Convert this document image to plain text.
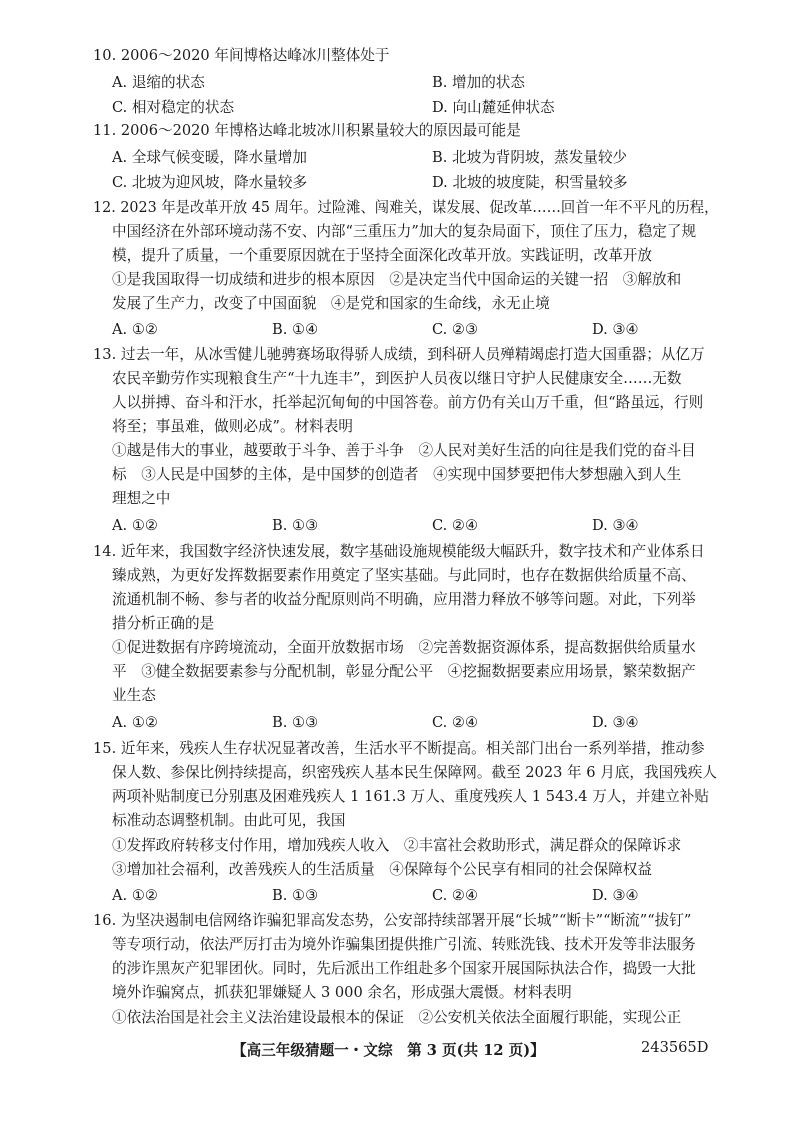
10. 2006～2020 年间博格达峰冰川整体处于
A. 退缩的状态	B. 增加的状态
C. 相对稳定的状态	D. 向山麓延伸状态
11. 2006～2020 年博格达峰北坡冰川积累量较大的原因最可能是
A. 全球气候变暖，降水量增加	B. 北坡为背阴坡，蒸发量较少
C. 北坡为迎风坡，降水量较多	D. 北坡的坡度陡，积雪量较多
12. 2023 年是改革开放 45 周年。过险滩、闯难关，谋发展、促改革……回首一年不平凡的历程，
中国经济在外部环境动荡不安、内部“三重压力”加大的复杂局面下，顶住了压力，稳定了规
模，提升了质量，一个重要原因就在于坚持全面深化改革开放。实践证明，改革开放
①是我国取得一切成绩和进步的根本原因　②是决定当代中国命运的关键一招　③解放和
发展了生产力，改变了中国面貌　④是党和国家的生命线，永无止境
A. ①②	B. ①④	C. ②③	D. ③④
13. 过去一年，从冰雪健儿驰骋赛场取得骄人成绩，到科研人员殚精竭虑打造大国重器；从亿万
农民辛勤劳作实现粮食生产“十九连丰”，到医护人员夜以继日守护人民健康安全……无数
人以拼搏、奋斗和汗水，托举起沉甸甸的中国答卷。前方仍有关山万千重，但“路虽远，行则
将至；事虽难，做则必成”。材料表明
①越是伟大的事业，越要敢于斗争、善于斗争　②人民对美好生活的向往是我们党的奋斗目
标　③人民是中国梦的主体，是中国梦的创造者　④实现中国梦要把伟大梦想融入到人生
理想之中
A. ①②	B. ①③	C. ②④	D. ③④
14. 近年来，我国数字经济快速发展，数字基础设施规模能级大幅跃升，数字技术和产业体系日
臻成熟，为更好发挥数据要素作用奠定了坚实基础。与此同时，也存在数据供给质量不高、
流通机制不畅、参与者的收益分配原则尚不明确，应用潜力释放不够等问题。对此，下列举
措分析正确的是
①促进数据有序跨境流动，全面开放数据市场　②完善数据资源体系，提高数据供给质量水
平　③健全数据要素参与分配机制，彰显分配公平　④挖掘数据要素应用场景，繁荣数据产
业生态
A. ①②	B. ①③	C. ②④	D. ③④
15. 近年来，残疾人生存状况显著改善，生活水平不断提高。相关部门出台一系列举措，推动参
保人数、参保比例持续提高，织密残疾人基本民生保障网。截至 2023 年 6 月底，我国残疾人
两项补贴制度已分别惠及困难残疾人 1 161.3 万人、重度残疾人 1 543.4 万人，并建立补贴
标准动态调整机制。由此可见，我国
①发挥政府转移支付作用，增加残疾人收入　②丰富社会救助形式，满足群众的保障诉求
③增加社会福利，改善残疾人的生活质量　④保障每个公民享有相同的社会保障权益
A. ①②	B. ①③	C. ②④	D. ③④
16. 为坚决遏制电信网络诈骗犯罪高发态势，公安部持续部署开展“长城”“断卡”“断流”“拔钉”
等专项行动，依法严厉打击为境外诈骗集团提供推广引流、转账洗钱、技术开发等非法服务
的涉诈黑灰产犯罪团伙。同时，先后派出工作组赴多个国家开展国际执法合作，捣毁一大批
境外诈骗窝点，抓获犯罪嫌疑人 3 000 余名，形成强大震慑。材料表明
①依法治国是社会主义法治建设最根本的保证　②公安机关依法全面履行职能，实现公正
【高三年级猜题一・文综　第 3 页(共 12 页)】	243565D
